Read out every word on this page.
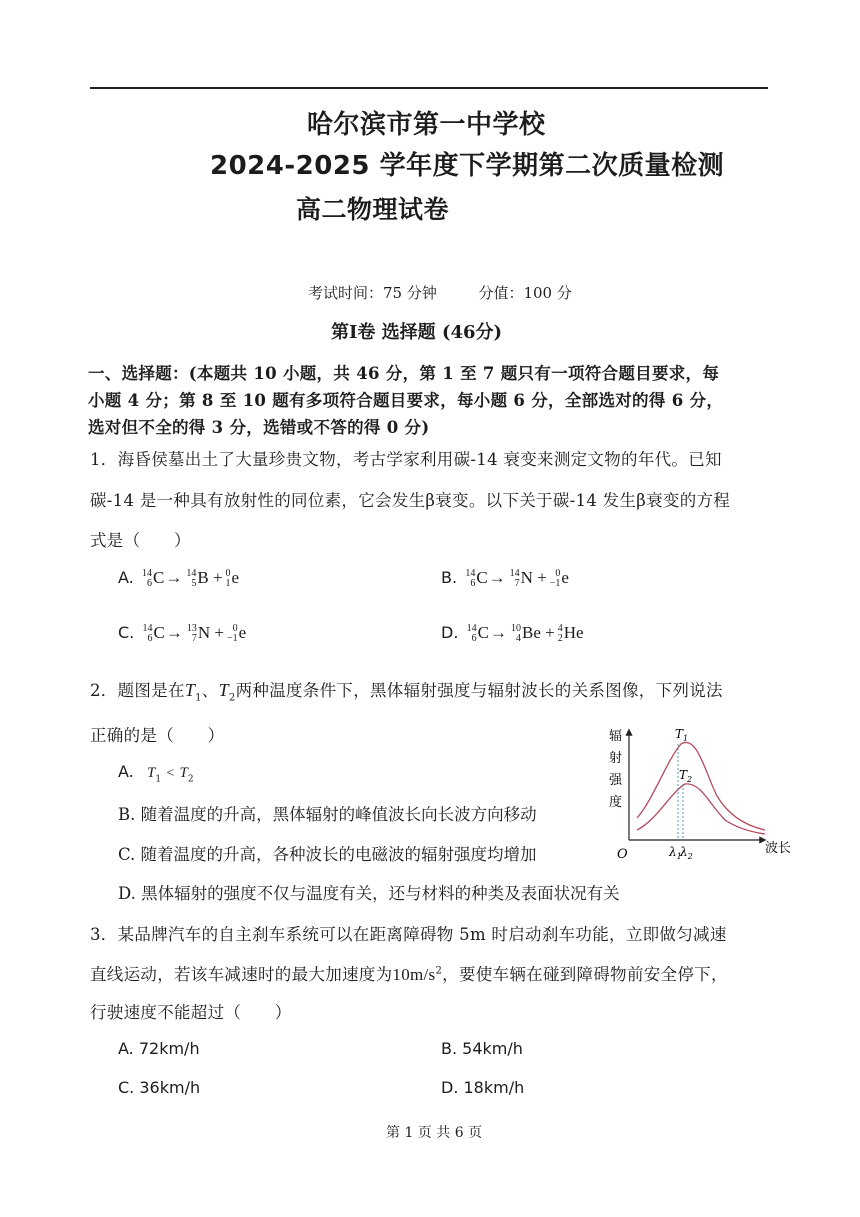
哈尔滨市第一中学校
2024-2025 学年度下学期第二次质量检测
高二物理试卷
考试时间：75 分钟	分值：100 分
第Ⅰ卷 选择题 (46分)
一、选择题：(本题共 10 小题，共 46 分，第 1 至 7 题只有一项符合题目要求，每
小题 4 分；第 8 至 10 题有多项符合题目要求，每小题 6 分，全部选对的得 6 分，
选对但不全的得 3 分，选错或不答的得 0 分)
1．海昏侯墓出土了大量珍贵文物，考古学家利用碳-14 衰变来测定文物的年代。已知
碳-14 是一种具有放射性的同位素，它会发生β衰变。以下关于碳-14 发生β衰变的方程
式是（　　）
A. 14
6 C→ 14
5 B + 0
1 e	B. 14
6 C→ 14
7 N + 0
−1 e
C. 14
6 C→ 13
7 N + 0
−1 e	D. 14
6 C→ 10
4 Be + 4
2 He
2．题图是在$T_1$、$T_2$两种温度条件下，黑体辐射强度与辐射波长的关系图像，下列说法
正确的是（　　）
A. $T_1 < T_2$
B. 随着温度的升高，黑体辐射的峰值波长向长波方向移动
C. 随着温度的升高，各种波长的电磁波的辐射强度均增加
D. 黑体辐射的强度不仅与温度有关，还与材料的种类及表面状况有关
辐
射
强
度
波长
O
$T_1$
$T_2$
$\lambda_1$
$\lambda_2$
3．某品牌汽车的自主刹车系统可以在距离障碍物 5m 时启动刹车功能，立即做匀减速
直线运动，若该车减速时的最大加速度为$10m/s^2$，要使车辆在碰到障碍物前安全停下，
行驶速度不能超过（　　）
A. 72km/h	B. 54km/h
C. 36km/h	D. 18km/h
第 1 页 共 6 页
